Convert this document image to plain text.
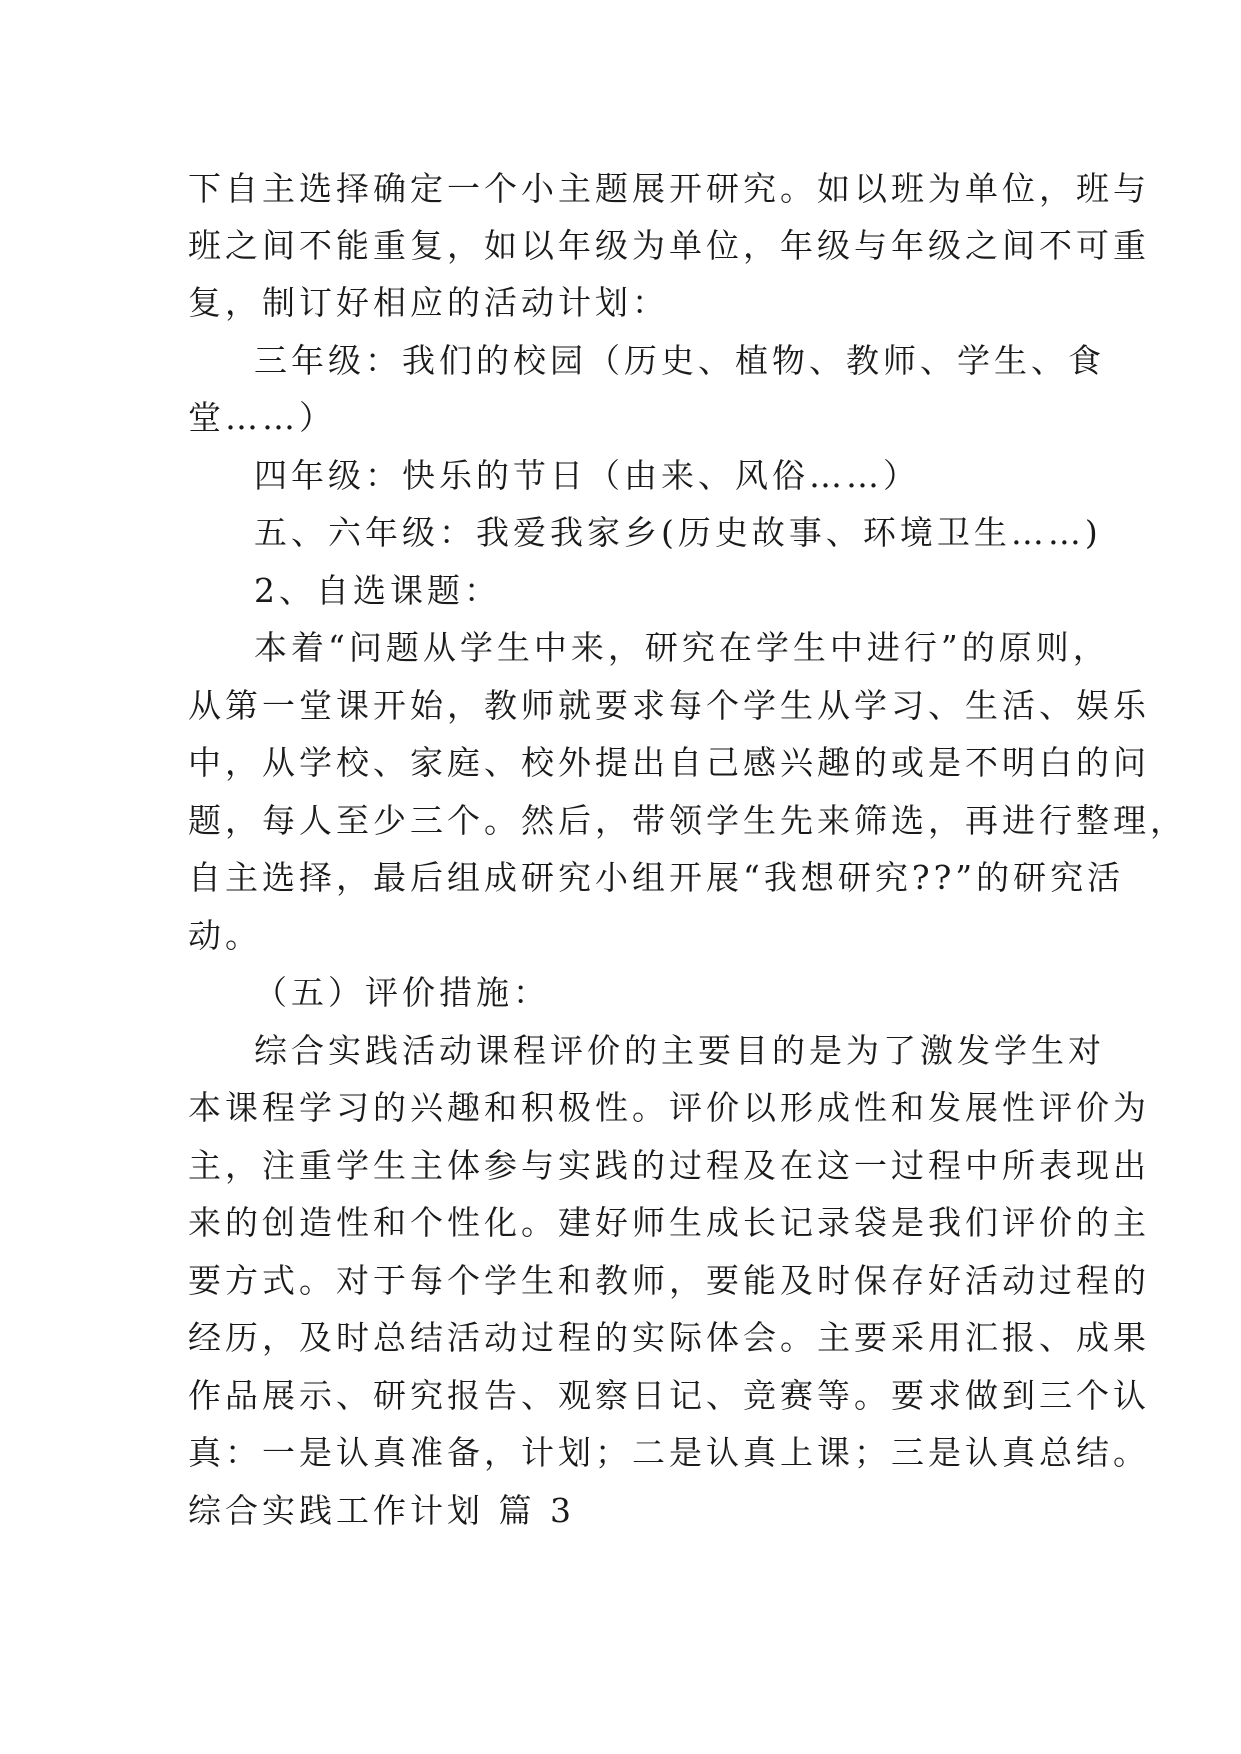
下自主选择确定一个小主题展开研究。如以班为单位，班与
班之间不能重复，如以年级为单位，年级与年级之间不可重
复，制订好相应的活动计划：
三年级：我们的校园（历史、植物、教师、学生、食
堂……）
四年级：快乐的节日（由来、风俗……）
五、六年级：我爱我家乡(历史故事、环境卫生……)
2、自选课题：
本着“问题从学生中来，研究在学生中进行”的原则，
从第一堂课开始，教师就要求每个学生从学习、生活、娱乐
中，从学校、家庭、校外提出自己感兴趣的或是不明白的问
题，每人至少三个。然后，带领学生先来筛选，再进行整理，
自主选择，最后组成研究小组开展“我想研究??”的研究活
动。
（五）评价措施：
综合实践活动课程评价的主要目的是为了激发学生对
本课程学习的兴趣和积极性。评价以形成性和发展性评价为
主，注重学生主体参与实践的过程及在这一过程中所表现出
来的创造性和个性化。建好师生成长记录袋是我们评价的主
要方式。对于每个学生和教师，要能及时保存好活动过程的
经历，及时总结活动过程的实际体会。主要采用汇报、成果
作品展示、研究报告、观察日记、竞赛等。要求做到三个认
真：一是认真准备，计划；二是认真上课；三是认真总结。
综合实践工作计划 篇 3
